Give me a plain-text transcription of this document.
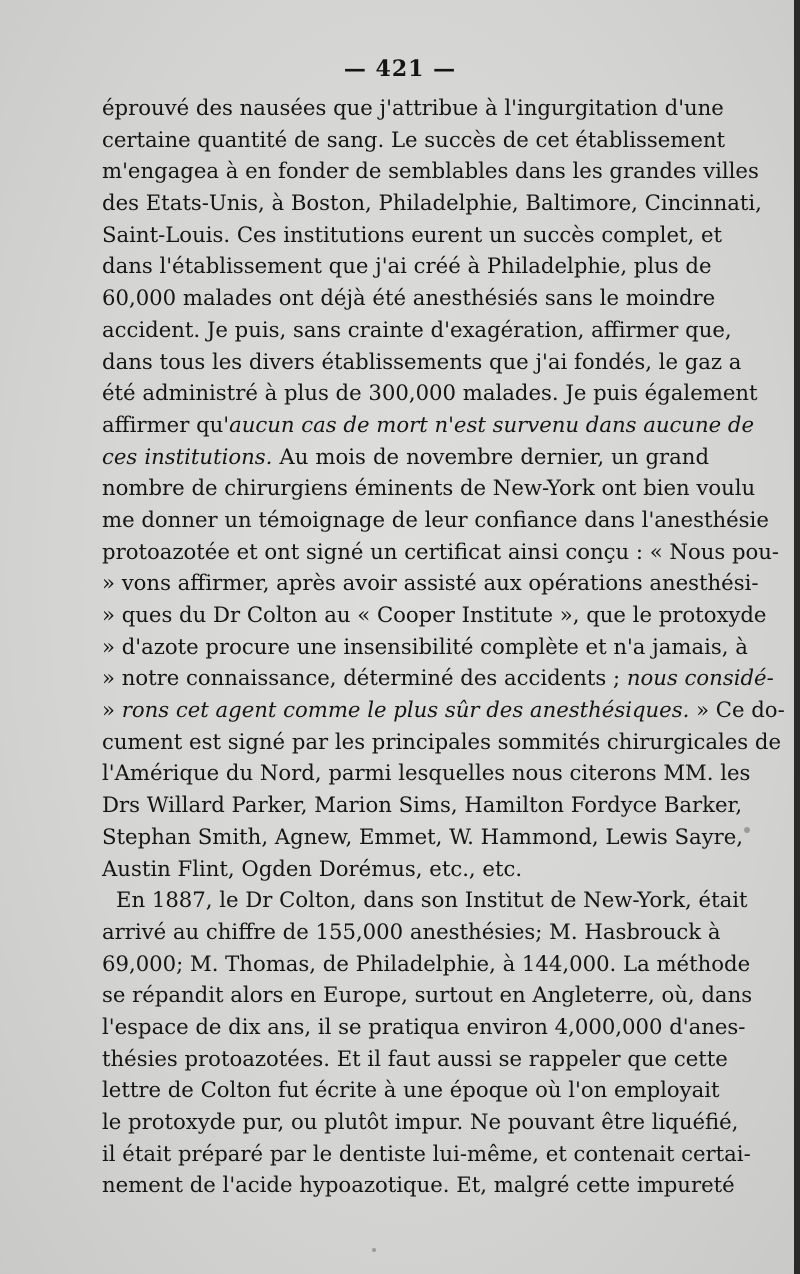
— 421 —
éprouvé des nausées que j'attribue à l'ingurgitation d'une
certaine quantité de sang. Le succès de cet établissement
m'engagea à en fonder de semblables dans les grandes villes
des Etats-Unis, à Boston, Philadelphie, Baltimore, Cincinnati,
Saint-Louis. Ces institutions eurent un succès complet, et
dans l'établissement que j'ai créé à Philadelphie, plus de
60,000 malades ont déjà été anesthésiés sans le moindre
accident. Je puis, sans crainte d'exagération, affirmer que,
dans tous les divers établissements que j'ai fondés, le gaz a
été administré à plus de 300,000 malades. Je puis également
affirmer qu'aucun cas de mort n'est survenu dans aucune de
ces institutions. Au mois de novembre dernier, un grand
nombre de chirurgiens éminents de New-York ont bien voulu
me donner un témoignage de leur confiance dans l'anesthésie
protoazotée et ont signé un certificat ainsi conçu : « Nous pou-
» vons affirmer, après avoir assisté aux opérations anesthési-
» ques du Dr Colton au « Cooper Institute », que le protoxyde
» d'azote procure une insensibilité complète et n'a jamais, à
» notre connaissance, déterminé des accidents ; nous considé-
» rons cet agent comme le plus sûr des anesthésiques. » Ce do-
cument est signé par les principales sommités chirurgicales de
l'Amérique du Nord, parmi lesquelles nous citerons MM. les
Drs Willard Parker, Marion Sims, Hamilton Fordyce Barker,
Stephan Smith, Agnew, Emmet, W. Hammond, Lewis Sayre,
Austin Flint, Ogden Dorémus, etc., etc.
En 1887, le Dr Colton, dans son Institut de New-York, était
arrivé au chiffre de 155,000 anesthésies; M. Hasbrouck à
69,000; M. Thomas, de Philadelphie, à 144,000. La méthode
se répandit alors en Europe, surtout en Angleterre, où, dans
l'espace de dix ans, il se pratiqua environ 4,000,000 d'anes-
thésies protoazotées. Et il faut aussi se rappeler que cette
lettre de Colton fut écrite à une époque où l'on employait
le protoxyde pur, ou plutôt impur. Ne pouvant être liquéfié,
il était préparé par le dentiste lui-même, et contenait certai-
nement de l'acide hypoazotique. Et, malgré cette impureté
